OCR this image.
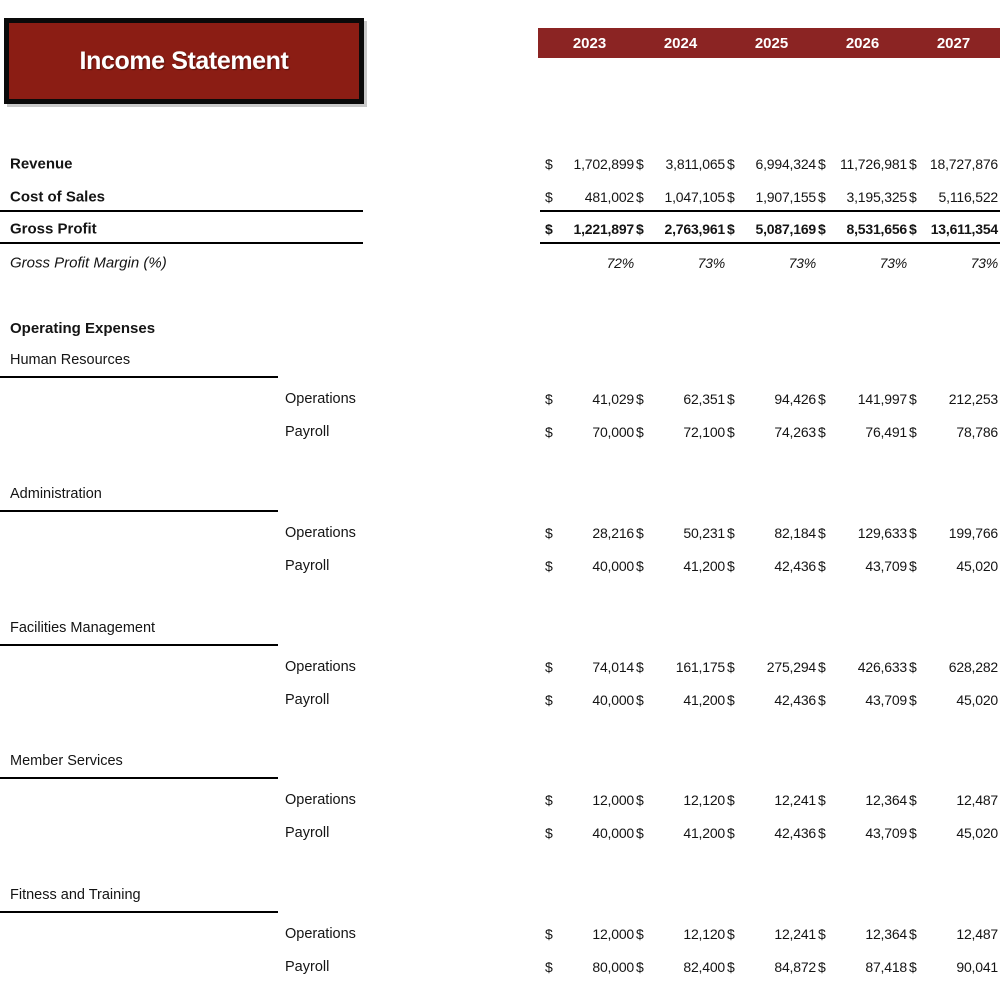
Income Statement
2023	2024	2025	2026	2027
Revenue	$ 1,702,899 $ 3,811,065 $ 6,994,324 $ 11,726,981 $ 18,727,876
Cost of Sales	$ 481,002 $ 1,047,105 $ 1,907,155 $ 3,195,325 $ 5,116,522
Gross Profit	$ 1,221,897 $ 2,763,961 $ 5,087,169 $ 8,531,656 $ 13,611,354
Gross Profit Margin (%)	72%	73%	73%	73%	73%
Operating Expenses
Human Resources
Operations	$	41,029 $	62,351 $	94,426 $ 141,997 $ 212,253
Payroll	$	70,000 $	72,100 $	74,263 $	76,491 $	78,786
Administration
Operations	$	28,216 $	50,231 $	82,184 $ 129,633 $ 199,766
Payroll	$	40,000 $	41,200 $	42,436 $	43,709 $	45,020
Facilities Management
Operations	$	74,014 $ 161,175 $ 275,294 $ 426,633 $ 628,282
Payroll	$	40,000 $	41,200 $	42,436 $	43,709 $	45,020
Member Services
Operations	$	12,000 $	12,120 $	12,241 $	12,364 $	12,487
Payroll	$	40,000 $	41,200 $	42,436 $	43,709 $	45,020
Fitness and Training
Operations	$	12,000 $	12,120 $	12,241 $	12,364 $	12,487
Payroll	$	80,000 $	82,400 $	84,872 $	87,418 $	90,041
